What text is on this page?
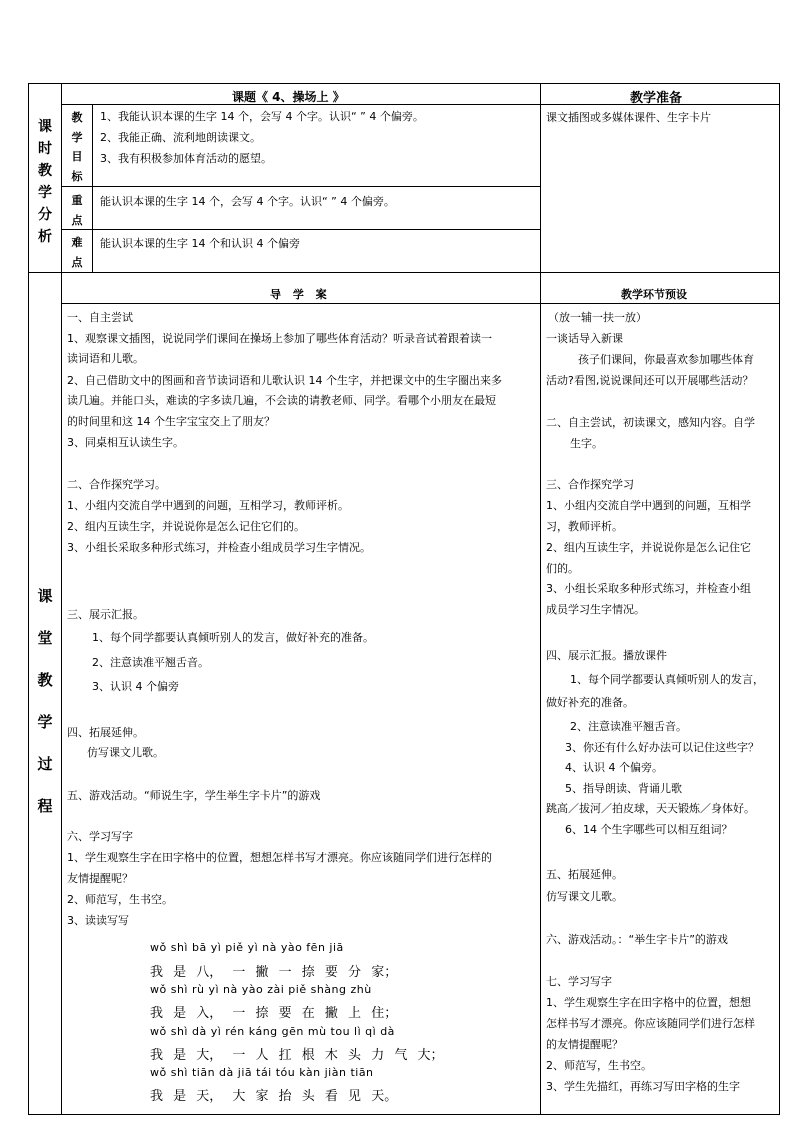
课
时
教
学
分
析
课
堂
教
学
过
程
课题《 4、操场上 》	教学准备
教
学
目
标
1、我能认识本课的生字 14 个，会写 4 个字。认识“ ” 4 个偏旁。
2、我能正确、流利地朗读课文。
3、我有积极参加体育活动的愿望。
重
点
能认识本课的生字 14 个，会写 4 个字。认识“ ” 4 个偏旁。
难
点
能认识本课的生字 14 个和认识 4 个偏旁
课文插图或多媒体课件、生字卡片
导 学 案	教学环节预设
一、自主尝试
1、观察课文插图，说说同学们课间在操场上参加了哪些体育活动？听录音试着跟着读一
读词语和儿歌。
2、自己借助文中的图画和音节读词语和儿歌认识 14 个生字，并把课文中的生字圈出来多
读几遍。并能口头，难读的字多读几遍，不会读的请教老师、同学。看哪个小朋友在最短
的时间里和这 14 个生字宝宝交上了朋友？
3、同桌相互认读生字。
二、合作探究学习。
1、小组内交流自学中遇到的问题，互相学习，教师评析。
2、组内互读生字，并说说你是怎么记住它们的。
3、小组长采取多种形式练习，并检查小组成员学习生字情况。
三、展示汇报。
1、每个同学都要认真倾听别人的发言，做好补充的准备。
2、注意读准平翘舌音。
3、认识 4 个偏旁
四、拓展延伸。
仿写课文儿歌。
五、游戏活动。“师说生字，学生举生字卡片”的游戏
六、学习写字
1、学生观察生字在田字格中的位置，想想怎样书写才漂亮。你应该随同学们进行怎样的
友情提醒呢？
2、师范写，生书空。
3、读读写写
wǒ shì bā yì piě yì nà yào fēn jiā
我 是 八， 一 撇 一 捺 要 分 家；
wǒ shì rù yì nà yào zài piě shàng zhù
我 是 入， 一 捺 要 在 撇 上 住；
wǒ shì dà yì rén káng gēn mù tou lì qì dà
我 是 大， 一 人 扛 根 木 头 力 气 大；
wǒ shì tiān dà jiā tái tóu kàn jiàn tiān
我 是 天， 大 家 抬 头 看 见 天。
（放一辅一扶一放）
一谈话导入新课
孩子们课间，你最喜欢参加哪些体育
活动?看图,说说课间还可以开展哪些活动？
二、自主尝试，初读课文，感知内容。自学
生字。
三、合作探究学习
1、小组内交流自学中遇到的问题，互相学
习，教师评析。
2、组内互读生字，并说说你是怎么记住它
们的。
3、小组长采取多种形式练习，并检查小组
成员学习生字情况。
四、展示汇报。播放课件
1、每个同学都要认真倾听别人的发言，
做好补充的准备。
2、注意读准平翘舌音。
3、你还有什么好办法可以记住这些字？
4、认识 4 个偏旁。
5、指导朗读、背诵儿歌
跳高／拔河／拍皮球，天天锻炼／身体好。
6、14 个生字哪些可以相互组词？
五、拓展延伸。
仿写课文儿歌。
六、游戏活动。：“举生字卡片”的游戏
七、学习写字
1、学生观察生字在田字格中的位置，想想
怎样书写才漂亮。你应该随同学们进行怎样
的友情提醒呢？
2、师范写，生书空。
3、学生先描红，再练习写田字格的生字
